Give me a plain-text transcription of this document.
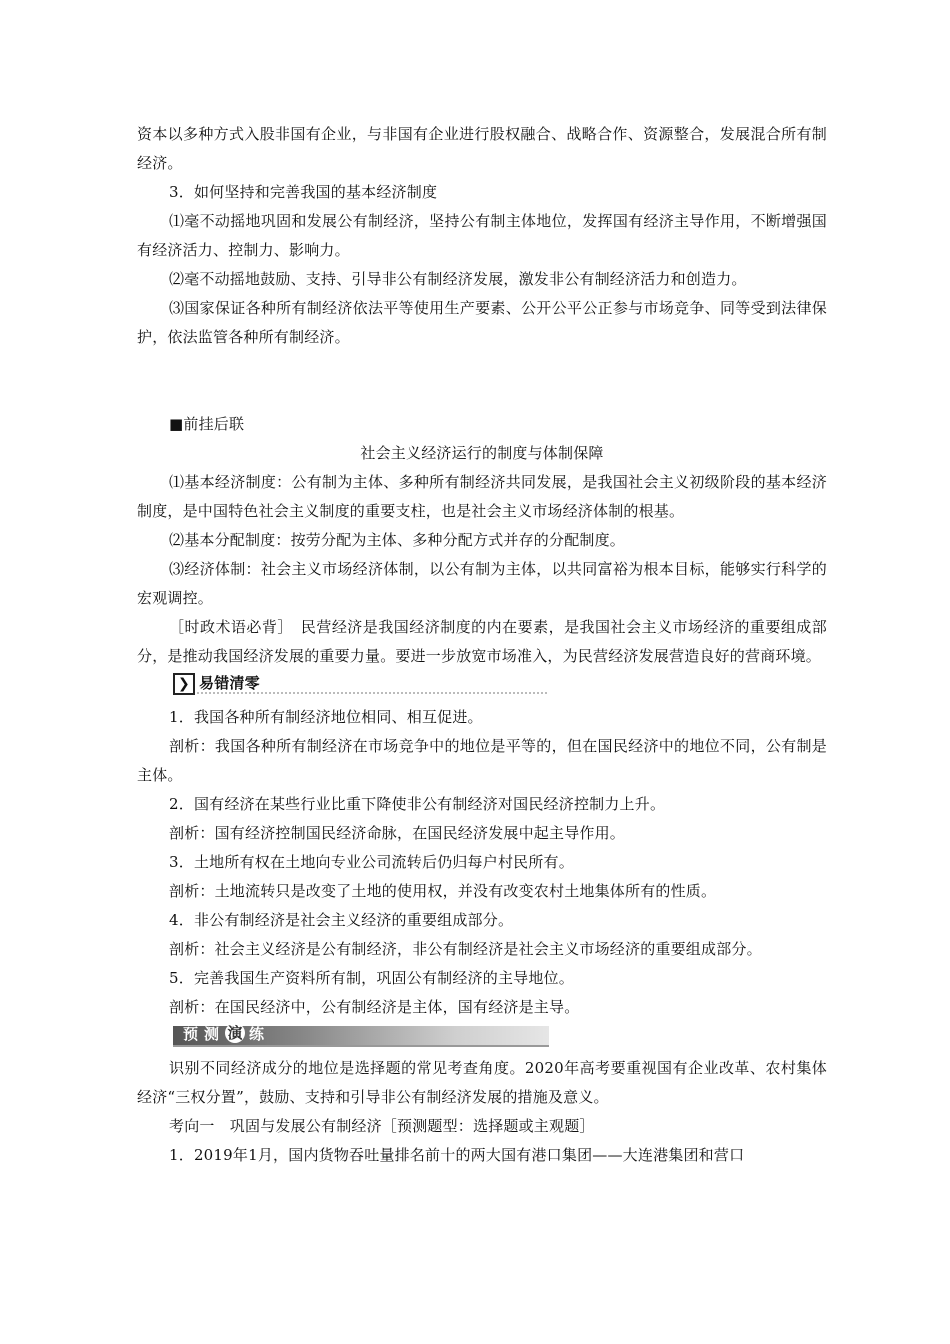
资本以多种方式入股非国有企业，与非国有企业进行股权融合、战略合作、资源整合，发展混合所有制经济。

3．如何坚持和完善我国的基本经济制度

⑴毫不动摇地巩固和发展公有制经济，坚持公有制主体地位，发挥国有经济主导作用，不断增强国有经济活力、控制力、影响力。

⑵毫不动摇地鼓励、支持、引导非公有制经济发展，激发非公有制经济活力和创造力。

⑶国家保证各种所有制经济依法平等使用生产要素、公开公平公正参与市场竞争、同等受到法律保护，依法监管各种所有制经济。

■前挂后联

社会主义经济运行的制度与体制保障

⑴基本经济制度：公有制为主体、多种所有制经济共同发展，是我国社会主义初级阶段的基本经济制度，是中国特色社会主义制度的重要支柱，也是社会主义市场经济体制的根基。

⑵基本分配制度：按劳分配为主体、多种分配方式并存的分配制度。

⑶经济体制：社会主义市场经济体制，以公有制为主体，以共同富裕为根本目标，能够实行科学的宏观调控。

［时政术语必背］　民营经济是我国经济制度的内在要素，是我国社会主义市场经济的重要组成部分，是推动我国经济发展的重要力量。要进一步放宽市场准入，为民营经济发展营造良好的营商环境。

❯ 易错清零

1．我国各种所有制经济地位相同、相互促进。

剖析：我国各种所有制经济在市场竞争中的地位是平等的，但在国民经济中的地位不同，公有制是主体。

2．国有经济在某些行业比重下降使非公有制经济对国民经济控制力上升。

剖析：国有经济控制国民经济命脉，在国民经济发展中起主导作用。

3．土地所有权在土地向专业公司流转后仍归每户村民所有。

剖析：土地流转只是改变了土地的使用权，并没有改变农村土地集体所有的性质。

4．非公有制经济是社会主义经济的重要组成部分。

剖析：社会主义经济是公有制经济，非公有制经济是社会主义市场经济的重要组成部分。

5．完善我国生产资料所有制，巩固公有制经济的主导地位。

剖析：在国民经济中，公有制经济是主体，国有经济是主导。

预测 演 练

识别不同经济成分的地位是选择题的常见考查角度。2020年高考要重视国有企业改革、农村集体经济“三权分置”，鼓励、支持和引导非公有制经济发展的措施及意义。

考向一　巩固与发展公有制经济［预测题型：选择题或主观题］

1．2019年1月，国内货物吞吐量排名前十的两大国有港口集团——大连港集团和营口
